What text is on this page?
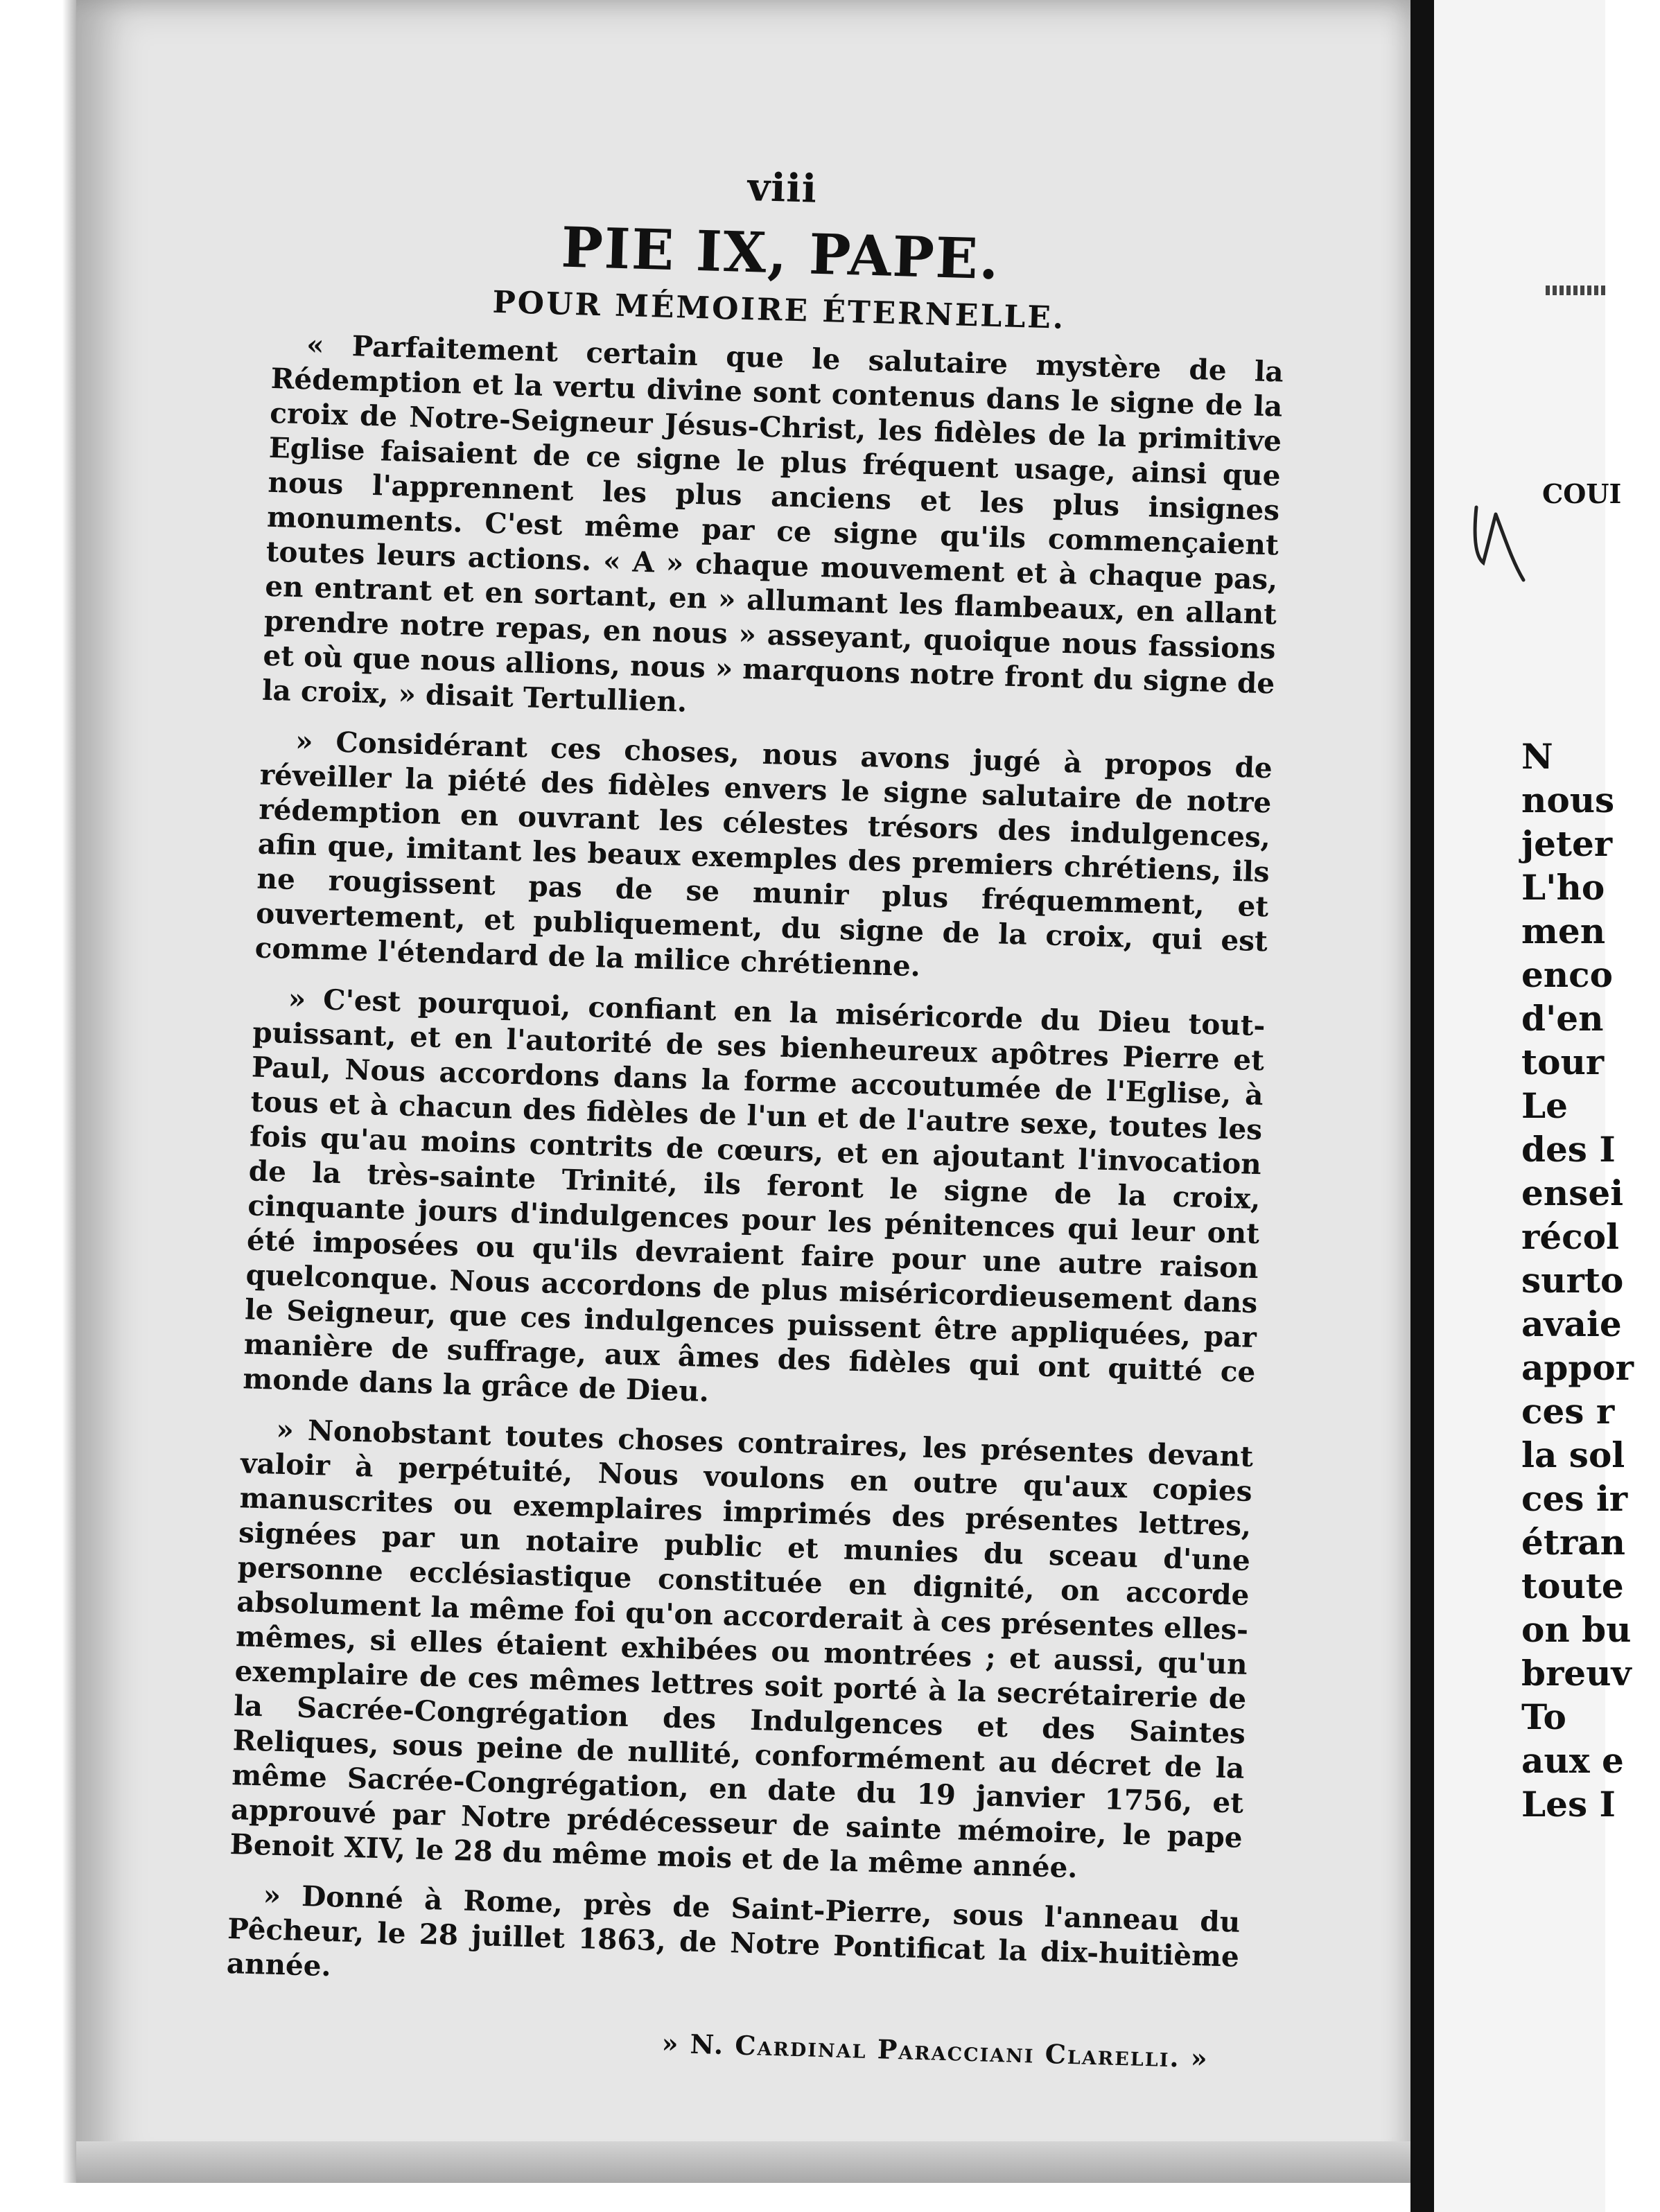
viii
PIE IX, PAPE.
POUR MÉMOIRE ÉTERNELLE.

« Parfaitement certain que le salutaire mystère de la Rédemption et la vertu divine sont contenus dans le signe de la croix de Notre-Seigneur Jésus-Christ, les fidèles de la primitive Eglise faisaient de ce signe le plus fréquent usage, ainsi que nous l'apprennent les plus anciens et les plus insignes monuments. C'est même par ce signe qu'ils commençaient toutes leurs actions. « A » chaque mouvement et à chaque pas, en entrant et en sortant, en » allumant les flambeaux, en allant prendre notre repas, en nous » asseyant, quoique nous fassions et où que nous allions, nous » marquons notre front du signe de la croix, » disait Tertullien.

» Considérant ces choses, nous avons jugé à propos de réveiller la piété des fidèles envers le signe salutaire de notre rédemption en ouvrant les célestes trésors des indulgences, afin que, imitant les beaux exemples des premiers chrétiens, ils ne rougissent pas de se munir plus fréquemment, et ouvertement, et publiquement, du signe de la croix, qui est comme l'étendard de la milice chrétienne.

» C'est pourquoi, confiant en la miséricorde du Dieu tout-puissant, et en l'autorité de ses bienheureux apôtres Pierre et Paul, Nous accordons dans la forme accoutumée de l'Eglise, à tous et à chacun des fidèles de l'un et de l'autre sexe, toutes les fois qu'au moins contrits de cœurs, et en ajoutant l'invocation de la très-sainte Trinité, ils feront le signe de la croix, cinquante jours d'indulgences pour les pénitences qui leur ont été imposées ou qu'ils devraient faire pour une autre raison quelconque. Nous accordons de plus miséricordieusement dans le Seigneur, que ces indulgences puissent être appliquées, par manière de suffrage, aux âmes des fidèles qui ont quitté ce monde dans la grâce de Dieu.

» Nonobstant toutes choses contraires, les présentes devant valoir à perpétuité, Nous voulons en outre qu'aux copies manuscrites ou exemplaires imprimés des présentes lettres, signées par un notaire public et munies du sceau d'une personne ecclésiastique constituée en dignité, on accorde absolument la même foi qu'on accorderait à ces présentes elles-mêmes, si elles étaient exhibées ou montrées ; et aussi, qu'un exemplaire de ces mêmes lettres soit porté à la secrétairerie de la Sacrée-Congrégation des Indulgences et des Saintes Reliques, sous peine de nullité, conformément au décret de la même Sacrée-Congrégation, en date du 19 janvier 1756, et approuvé par Notre prédécesseur de sainte mémoire, le pape Benoit XIV, le 28 du même mois et de la même année.

» Donné à Rome, près de Saint-Pierre, sous l'anneau du Pêcheur, le 28 juillet 1863, de Notre Pontificat la dix-huitième année.

» N. Cardinal Paracciani Clarelli. »
COUI
N
nous
jeter
L'ho
men
enco
d'en
tour
Le
des I
ensei
récol
surto
avaie
appor
ces r
la sol
ces ir
étran
toute
on bu
breuv
To
aux e
Les I
